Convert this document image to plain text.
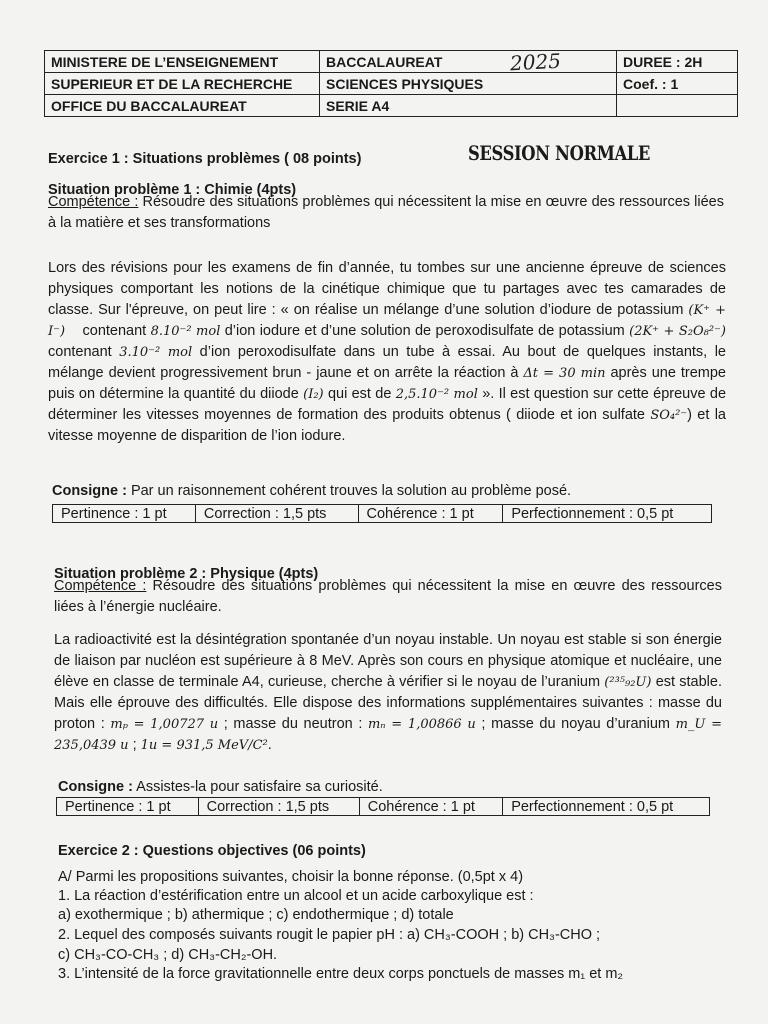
MINISTERE DE L’ENSEIGNEMENT	BACCALAUREAT	DUREE : 2H
SUPERIEUR ET DE LA RECHERCHE	SCIENCES PHYSIQUES	Coef. : 1
OFFICE DU BACCALAUREAT	SERIE A4	
2025
Exercice 1 : Situations problèmes ( 08 points)	SESSION NORMALE
Situation problème 1 : Chimie (4pts)
Compétence : Résoudre des situations problèmes qui nécessitent la mise en œuvre des ressources liées à la matière et ses transformations
Lors des révisions pour les examens de fin d’année, tu tombes sur une ancienne épreuve de sciences physiques comportant les notions de la cinétique chimique que tu partages avec tes camarades de classe. Sur l'épreuve, on peut lire : « on réalise un mélange d’une solution d’iodure de potassium (K⁺ + I⁻)    contenant 8.10⁻² mol d’ion iodure et d’une solution de peroxodisulfate de potassium (2K⁺ + S₂O₈²⁻) contenant 3.10⁻² mol d’ion peroxodisulfate dans un tube à essai. Au bout de quelques instants, le mélange devient progressivement brun - jaune et on arrête la réaction à Δt = 30 min après une trempe puis on détermine la quantité du diiode (I₂) qui est de 2,5.10⁻² mol ». Il est question sur cette épreuve de déterminer les vitesses moyennes de formation des produits obtenus ( diiode et ion sulfate SO₄²⁻) et la vitesse moyenne de disparition de l’ion iodure.
Consigne : Par un raisonnement cohérent trouves la solution au problème posé.
Pertinence : 1 pt	Correction : 1,5 pts	Cohérence : 1 pt	Perfectionnement : 0,5 pt
Situation problème 2 : Physique (4pts)
Compétence : Résoudre des situations problèmes qui nécessitent la mise en œuvre des ressources liées à l’énergie nucléaire.
La radioactivité est la désintégration spontanée d’un noyau instable. Un noyau est stable si son énergie de liaison par nucléon est supérieure à 8 MeV. Après son cours en physique atomique et nucléaire, une élève en classe de terminale A4, curieuse, cherche à vérifier si le noyau de l’uranium (²³⁵₉₂U) est stable. Mais elle éprouve des difficultés. Elle dispose des informations supplémentaires suivantes : masse du proton : mₚ = 1,00727 u ; masse du neutron : mₙ = 1,00866 u ; masse du noyau d’uranium m_U = 235,0439 u ; 1u = 931,5 MeV/C².
Consigne : Assistes-la pour satisfaire sa curiosité.
Pertinence : 1 pt	Correction : 1,5 pts	Cohérence : 1 pt	Perfectionnement : 0,5 pt
Exercice 2 : Questions objectives (06 points)
A/ Parmi les propositions suivantes, choisir la bonne réponse. (0,5pt x 4)
1. La réaction d’estérification entre un alcool et un acide carboxylique est :
a) exothermique ; b) athermique ; c) endothermique ; d) totale
2. Lequel des composés suivants rougit le papier pH : a) CH₃-COOH ; b) CH₃-CHO ;
c) CH₃-CO-CH₃ ; d) CH₃-CH₂-OH.
3. L’intensité de la force gravitationnelle entre deux corps ponctuels de masses m₁ et m₂
